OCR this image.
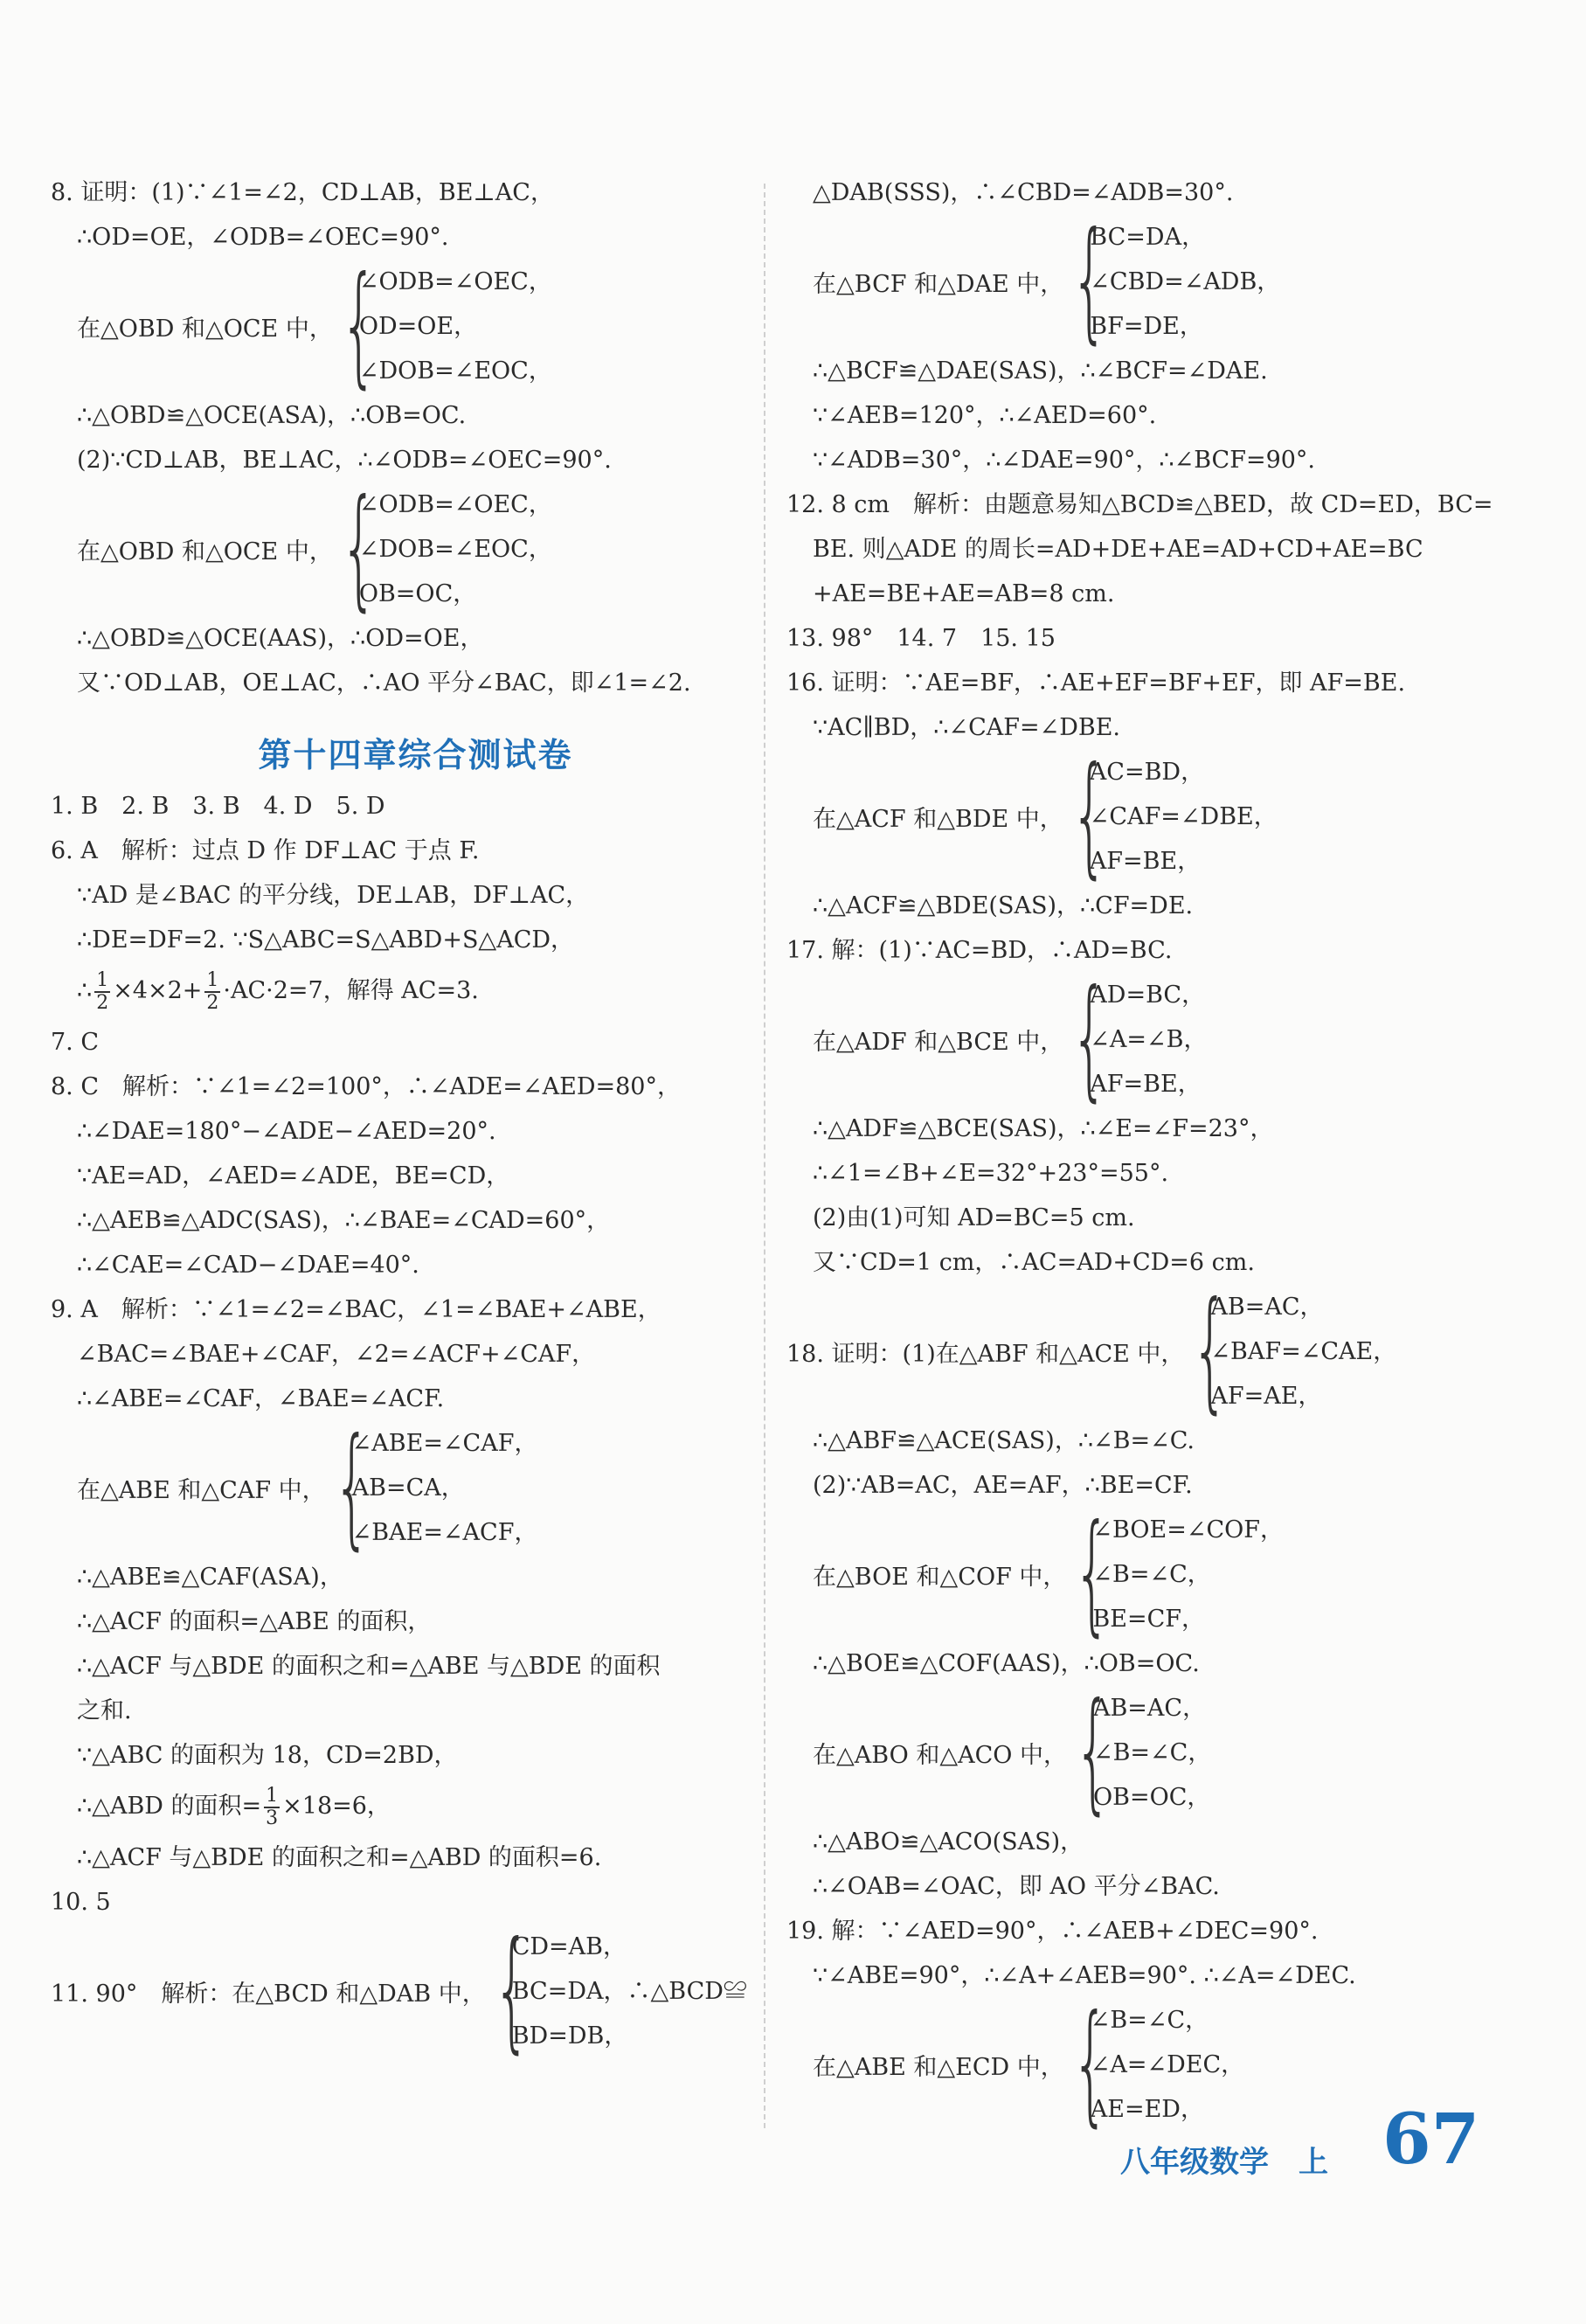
8. 证明：(1)∵∠1=∠2，CD⊥AB，BE⊥AC，
∴OD=OE，∠ODB=∠OEC=90°.
在△OBD 和△OCE 中， {
∠ODB=∠OEC，
OD=OE，
∠DOB=∠EOC，
∴△OBD≌△OCE(ASA)，∴OB=OC.
(2)∵CD⊥AB，BE⊥AC，∴∠ODB=∠OEC=90°.
在△OBD 和△OCE 中， {
∠ODB=∠OEC，
∠DOB=∠EOC，
OB=OC，
∴△OBD≌△OCE(AAS)，∴OD=OE，
又∵OD⊥AB，OE⊥AC，∴AO 平分∠BAC，即∠1=∠2.
第十四章综合测试卷
1. B　2. B　3. B　4. D　5. D
6. A　解析：过点 D 作 DF⊥AC 于点 F.
∵AD 是∠BAC 的平分线，DE⊥AB，DF⊥AC，
∴DE=DF=2. ∵S△ABC=S△ABD+S△ACD，
∴ $\frac{1}{2} \times 4\times 2+ \frac{1}{2} \cdot AC\cdot 2=7$，解得 AC=3.
7. C
8. C　解析：∵∠1=∠2=100°，∴∠ADE=∠AED=80°，
∴∠DAE=180°−∠ADE−∠AED=20°.
∵AE=AD，∠AED=∠ADE，BE=CD，
∴△AEB≌△ADC(SAS)，∴∠BAE=∠CAD=60°，
∴∠CAE=∠CAD−∠DAE=40°.
9. A　解析：∵∠1=∠2=∠BAC，∠1=∠BAE+∠ABE，
∠BAC=∠BAE+∠CAF，∠2=∠ACF+∠CAF，
∴∠ABE=∠CAF，∠BAE=∠ACF.
在△ABE 和△CAF 中， {
∠ABE=∠CAF，
AB=CA，
∠BAE=∠ACF，
∴△ABE≌△CAF(ASA)，
∴△ACF 的面积=△ABE 的面积，
∴△ACF 与△BDE 的面积之和=△ABE 与△BDE 的面积
之和.
∵△ABC 的面积为 18，CD=2BD，
∴△ABD 的面积= $\frac{1}{3} \times 18=6$，
∴△ACF 与△BDE 的面积之和=△ABD 的面积=6.
10. 5
11. 90°　解析：在△BCD 和△DAB 中， {
CD=AB，
BC=DA，∴△BCD≌
BD=DB，
△DAB(SSS)，∴∠CBD=∠ADB=30°.
在△BCF 和△DAE 中， {
BC=DA，
∠CBD=∠ADB，
BF=DE，
∴△BCF≌△DAE(SAS)，∴∠BCF=∠DAE.
∵∠AEB=120°，∴∠AED=60°.
∵∠ADB=30°，∴∠DAE=90°，∴∠BCF=90°.
12. 8 cm　解析：由题意易知△BCD≌△BED，故 CD=ED，BC=
BE. 则△ADE 的周长=AD+DE+AE=AD+CD+AE=BC
+AE=BE+AE=AB=8 cm.
13. 98°　14. 7　15. 15
16. 证明：∵AE=BF，∴AE+EF=BF+EF，即 AF=BE.
∵AC∥BD，∴∠CAF=∠DBE.
在△ACF 和△BDE 中， {
AC=BD，
∠CAF=∠DBE，
AF=BE，
∴△ACF≌△BDE(SAS)，∴CF=DE.
17. 解：(1)∵AC=BD，∴AD=BC.
在△ADF 和△BCE 中， {
AD=BC，
∠A=∠B，
AF=BE，
∴△ADF≌△BCE(SAS)，∴∠E=∠F=23°，
∴∠1=∠B+∠E=32°+23°=55°.
(2)由(1)可知 AD=BC=5 cm.
又∵CD=1 cm，∴AC=AD+CD=6 cm.
18. 证明：(1)在△ABF 和△ACE 中， {
AB=AC，
∠BAF=∠CAE，
AF=AE，
∴△ABF≌△ACE(SAS)，∴∠B=∠C.
(2)∵AB=AC，AE=AF，∴BE=CF.
在△BOE 和△COF 中， {
∠BOE=∠COF，
∠B=∠C，
BE=CF，
∴△BOE≌△COF(AAS)，∴OB=OC.
在△ABO 和△ACO 中， {
AB=AC，
∠B=∠C，
OB=OC，
∴△ABO≌△ACO(SAS)，
∴∠OAB=∠OAC，即 AO 平分∠BAC.
19. 解：∵∠AED=90°，∴∠AEB+∠DEC=90°.
∵∠ABE=90°，∴∠A+∠AEB=90°. ∴∠A=∠DEC.
在△ABE 和△ECD 中， {
∠B=∠C，
∠A=∠DEC，
AE=ED，
八年级数学　上 67
